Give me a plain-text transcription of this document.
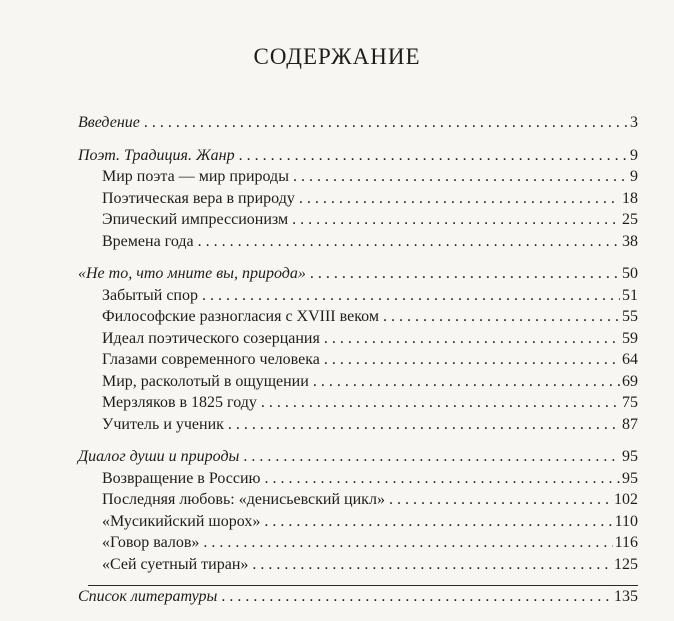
СОДЕРЖАНИЕ
Введение . . .	3
Поэт. Традиция. Жанр . . .	9
Мир поэта — мир природы . . .	9
Поэтическая вера в природу . . .	18
Эпический импрессионизм . . .	25
Времена года . . .	38
«Не то, что мните вы, природа» . . .	50
Забытый спор . . .	51
Философские разногласия с XVIII веком . . .	55
Идеал поэтического созерцания . . .	59
Глазами современного человека . . .	64
Мир, расколотый в ощущении . . .	69
Мерзляков в 1825 году . . .	75
Учитель и ученик . . .	87
Диалог души и природы . . .	95
Возвращение в Россию . . .	95
Последняя любовь: «денисьевский цикл» . . .	102
«Мусикийский шорох» . . .	110
«Говор валов» . . .	116
«Сей суетный тиран» . . .	125
Список литературы . . .	135
